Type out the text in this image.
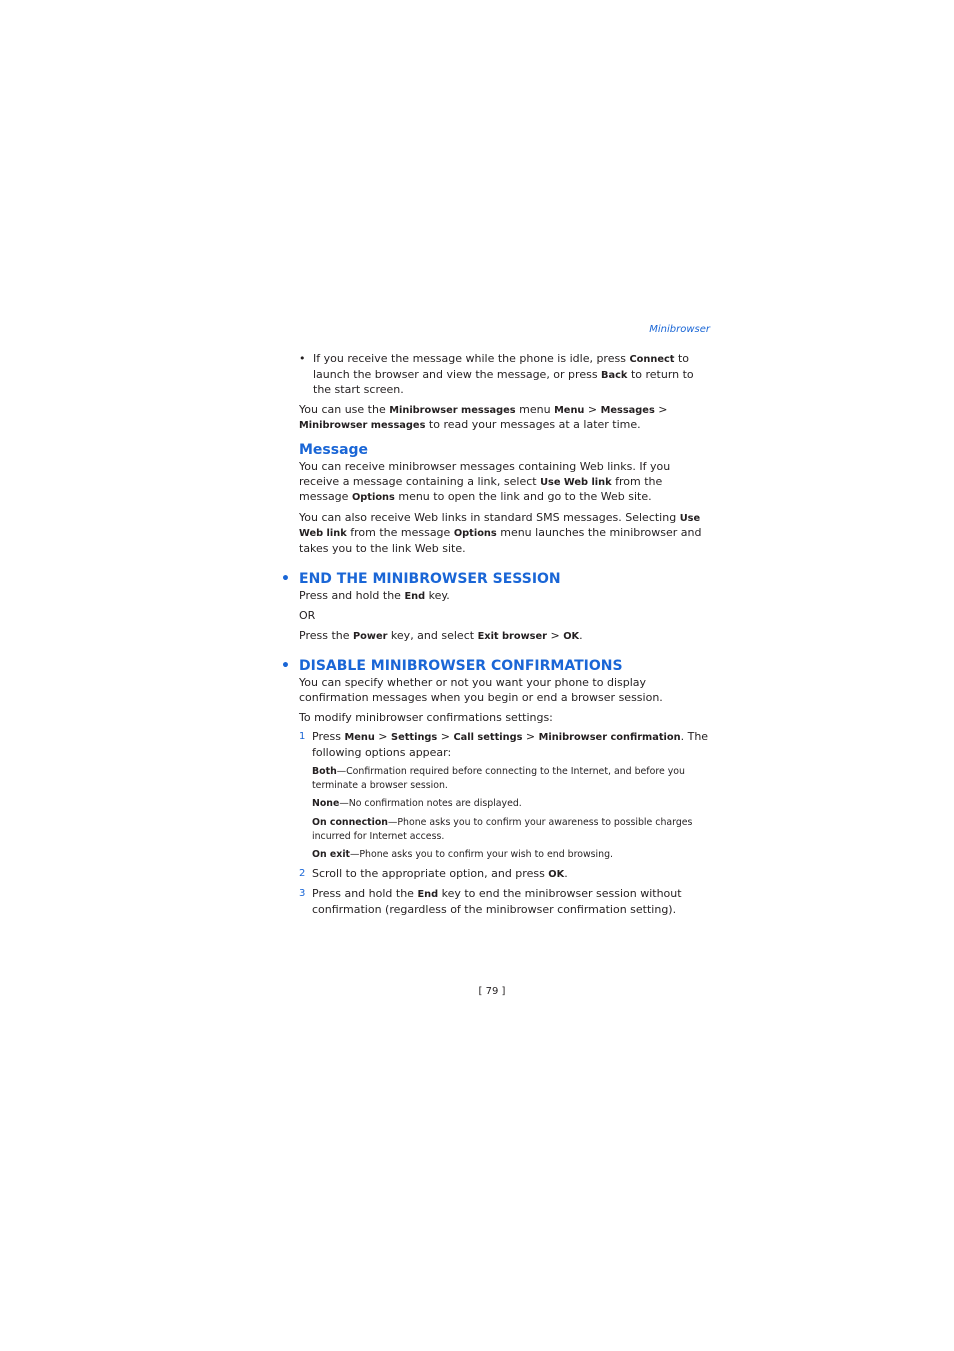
Minibrowser
• If you receive the message while the phone is idle, press Connect to launch the browser and view the message, or press Back to return to the start screen.

You can use the Minibrowser messages menu Menu > Messages > Minibrowser messages to read your messages at a later time.

Message

You can receive minibrowser messages containing Web links. If you receive a message containing a link, select Use Web link from the message Options menu to open the link and go to the Web site.

You can also receive Web links in standard SMS messages. Selecting Use Web link from the message Options menu launches the minibrowser and takes you to the link Web site.

• END THE MINIBROWSER SESSION

Press and hold the End key.

OR

Press the Power key, and select Exit browser > OK.

• DISABLE MINIBROWSER CONFIRMATIONS

You can specify whether or not you want your phone to display confirmation messages when you begin or end a browser session.

To modify minibrowser confirmations settings:

1 Press Menu > Settings > Call settings > Minibrowser confirmation. The following options appear:
Both—Confirmation required before connecting to the Internet, and before you terminate a browser session.
None—No confirmation notes are displayed.
On connection—Phone asks you to confirm your awareness to possible charges incurred for Internet access.
On exit—Phone asks you to confirm your wish to end browsing.
2 Scroll to the appropriate option, and press OK.
3 Press and hold the End key to end the minibrowser session without confirmation (regardless of the minibrowser confirmation setting).
[ 79 ]
